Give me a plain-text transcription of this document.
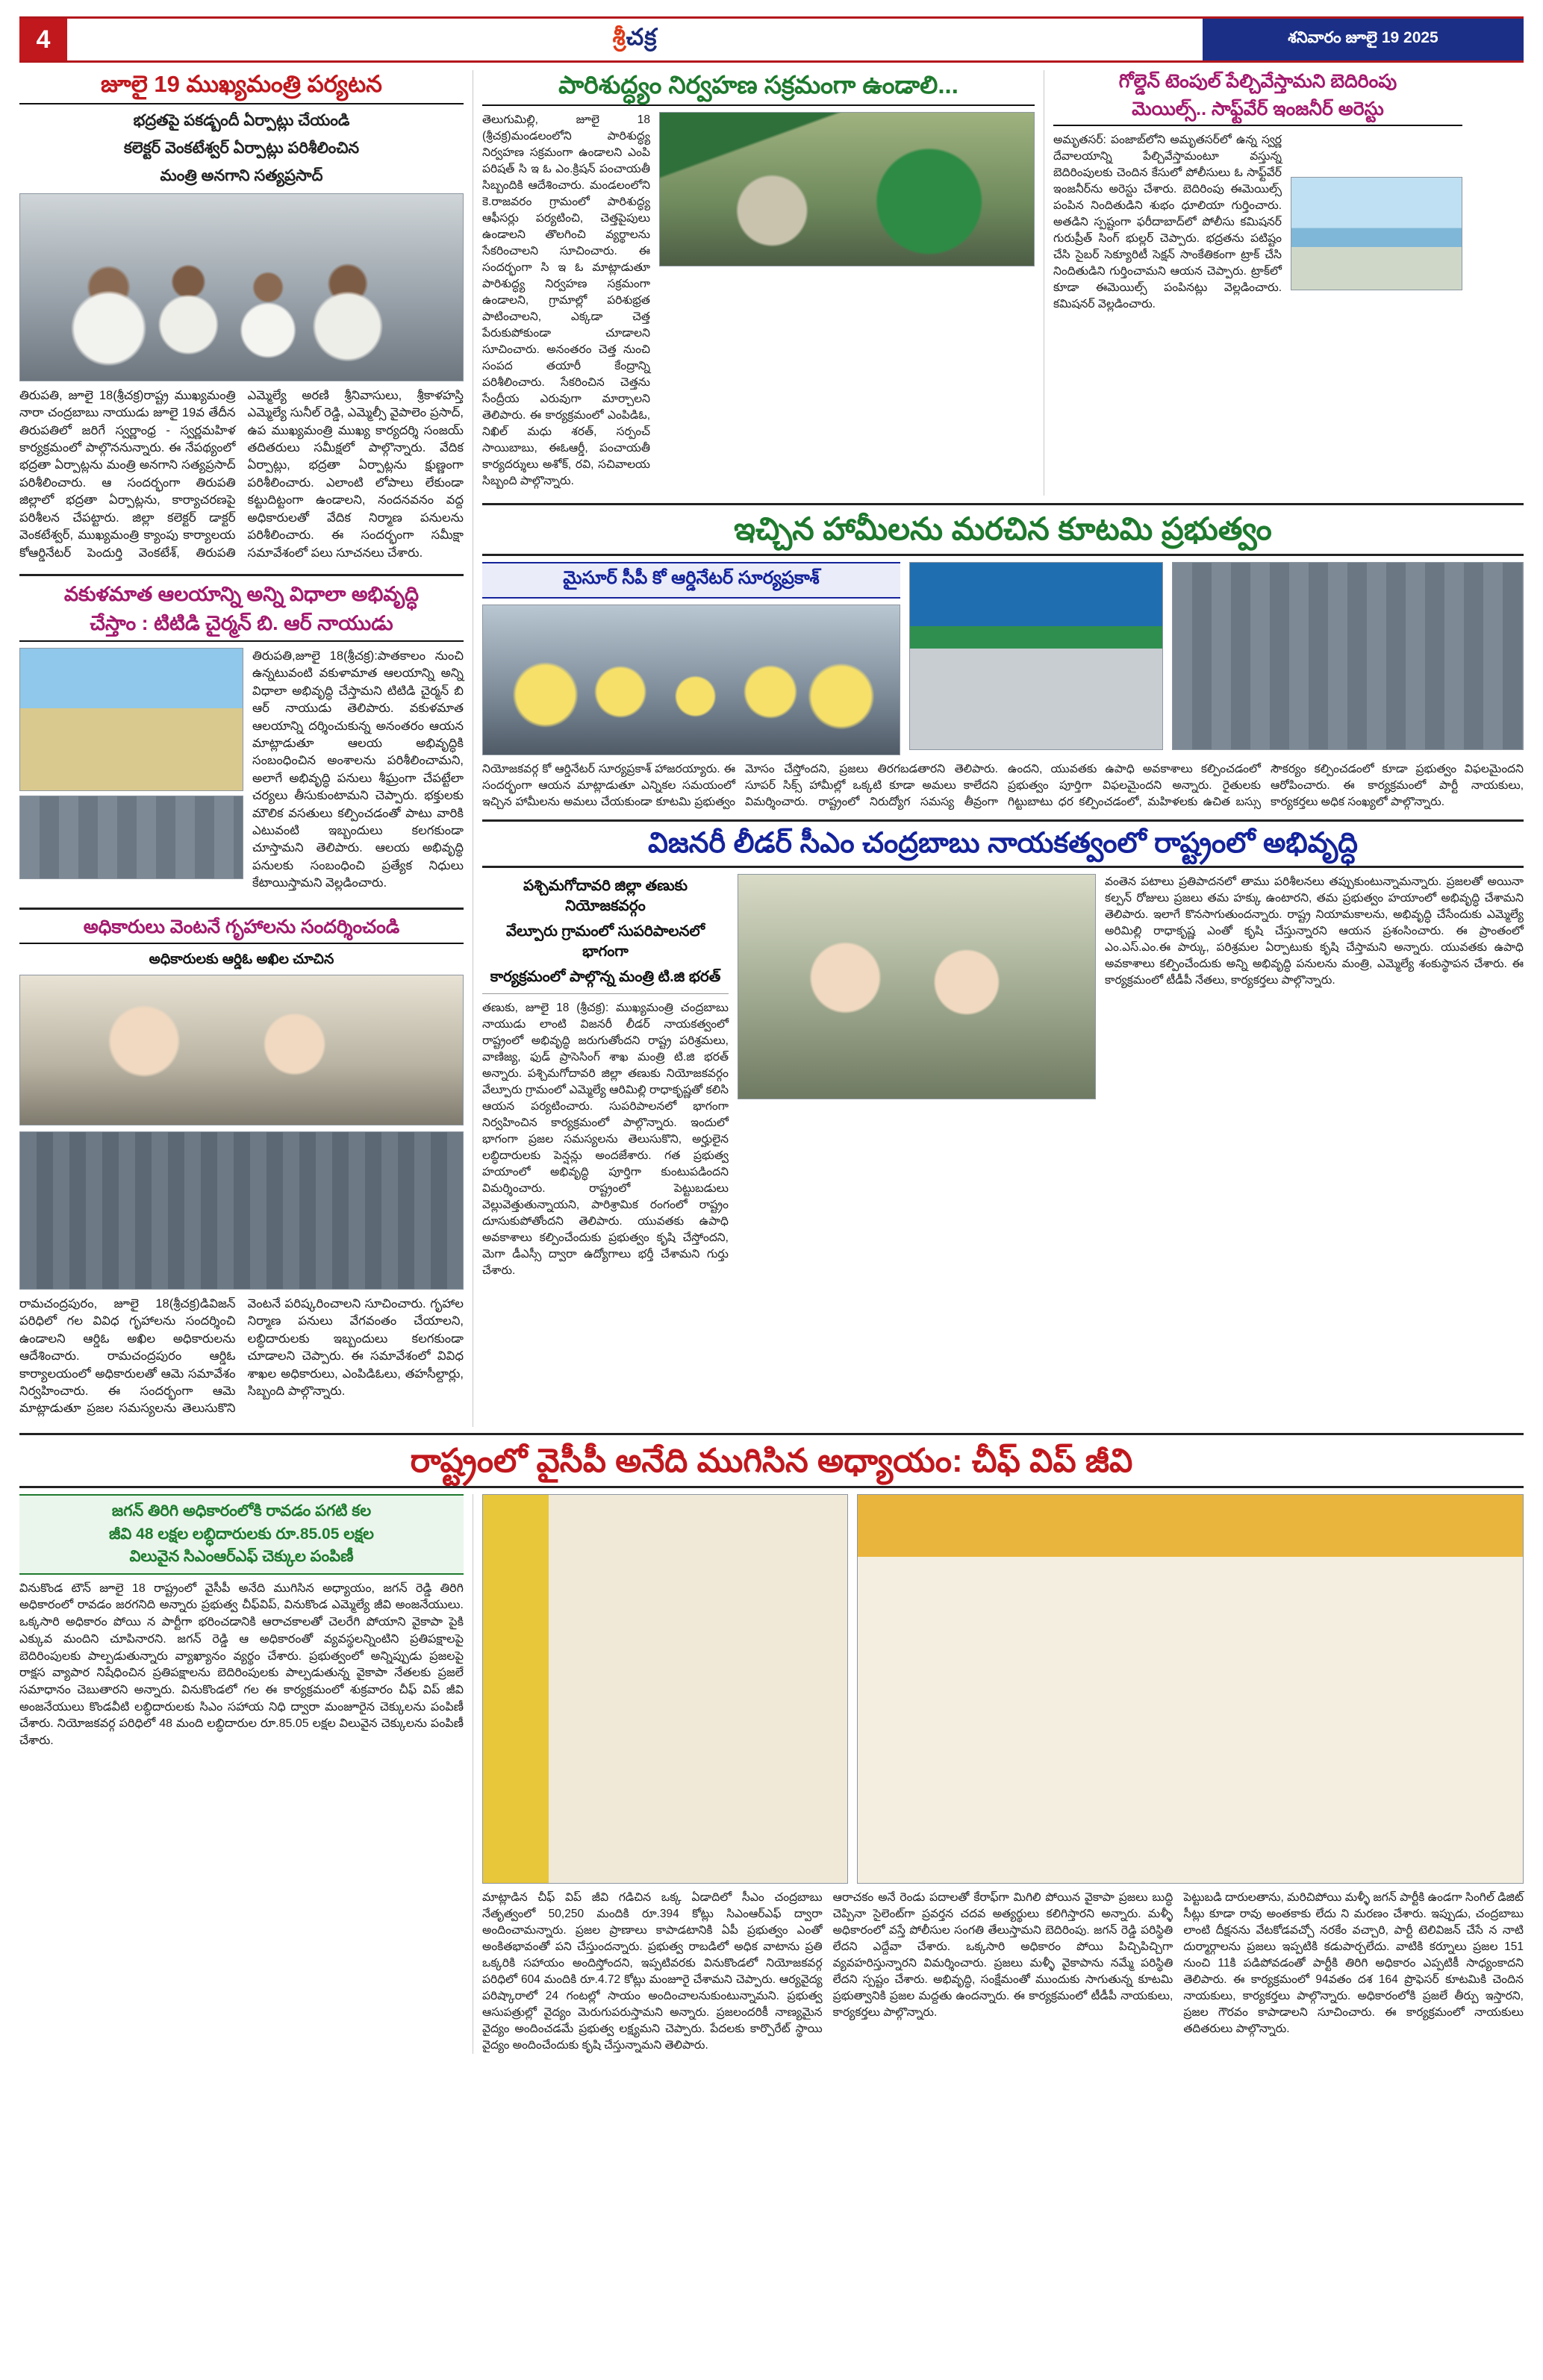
4	శ్రీచక్ర	శనివారం జూలై 19 2025
జూలై 19 ముఖ్యమంత్రి పర్యటన
భద్రతపై పకడ్బందీ ఏర్పాట్లు చేయండి
కలెక్టర్ వెంకటేశ్వర్ ఏర్పాట్లు పరిశీలించిన
మంత్రి అనగాని సత్యప్రసాద్

తిరుపతి, జూలై 18(శ్రీచక్ర)రాష్ట్ర ముఖ్యమంత్రి నారా చంద్రబాబు నాయుడు జూలై 19వ తేదీన తిరుపతిలో జరిగే స్వర్ణాంధ్ర - స్వర్ణమహిళ కార్యక్రమంలో పాల్గొననున్నారు. ఈ నేపథ్యంలో భద్రతా ఏర్పాట్లను మంత్రి అనగాని సత్యప్రసాద్ పరిశీలించారు. ఆ సందర్భంగా తిరుపతి జిల్లాలో భద్రతా ఏర్పాట్లను, కార్యాచరణపై పరిశీలన చేపట్టారు. జిల్లా కలెక్టర్ డాక్టర్ వెంకటేశ్వర్, ముఖ్యమంత్రి క్యాంపు కార్యాలయ కోఆర్డినేటర్ పెందుర్తి వెంకటేశ్, తిరుపతి ఎమ్మెల్యే అరణి శ్రీనివాసులు, శ్రీకాళహస్తి ఎమ్మెల్యే సునీల్ రెడ్డి, ఎమ్మెల్సీ వైపాలెం ప్రసాద్, ఉప ముఖ్యమంత్రి ముఖ్య కార్యదర్శి సంజయ్ తదితరులు సమీక్షలో పాల్గొన్నారు. వేదిక ఏర్పాట్లు, భద్రతా ఏర్పాట్లను క్షుణ్ణంగా పరిశీలించారు. ఎలాంటి లోపాలు లేకుండా కట్టుదిట్టంగా ఉండాలని, నందనవనం వద్ద అధికారులతో వేదిక నిర్మాణ పనులను పరిశీలించారు. ఈ సందర్భంగా సమీక్షా సమావేశంలో పలు సూచనలు చేశారు.

వకుళమాత ఆలయాన్ని అన్ని విధాలా అభివృద్ధి
చేస్తాం : టిటిడి చైర్మన్ బి. ఆర్ నాయుడు

తిరుపతి,జూలై 18(శ్రీచక్ర):పాతకాలం నుంచి ఉన్నటువంటి వకుళామాత ఆలయాన్ని అన్ని విధాలా అభివృద్ధి చేస్తామని టిటిడి చైర్మన్ బి ఆర్ నాయుడు తెలిపారు. వకుళమాత ఆలయాన్ని దర్శించుకున్న అనంతరం ఆయన మాట్లాడుతూ ఆలయ అభివృద్ధికి సంబంధించిన అంశాలను పరిశీలించామని, అలాగే అభివృద్ధి పనులు శీఘ్రంగా చేపట్టేలా చర్యలు తీసుకుంటామని చెప్పారు. భక్తులకు మౌలిక వసతులు కల్పించడంతో పాటు వారికి ఎటువంటి ఇబ్బందులు కలగకుండా చూస్తామని తెలిపారు. ఆలయ అభివృద్ధి పనులకు సంబంధించి ప్రత్యేక నిధులు కేటాయిస్తామని వెల్లడించారు.

అధికారులు వెంటనే గృహాలను సందర్శించండి
అధికారులకు ఆర్డిఓ అఖిల చూచిన

రామచంద్రపురం, జూలై 18(శ్రీచక్ర)డివిజన్ పరిధిలో గల వివిధ గృహాలను సందర్శించి ఉండాలని ఆర్డిఓ అఖిల అధికారులను ఆదేశించారు. రామచంద్రపురం ఆర్డిఓ కార్యాలయంలో అధికారులతో ఆమె సమావేశం నిర్వహించారు. ఈ సందర్భంగా ఆమె మాట్లాడుతూ ప్రజల సమస్యలను తెలుసుకొని వెంటనే పరిష్కరించాలని సూచించారు. గృహాల నిర్మాణ పనులు వేగవంతం చేయాలని, లబ్ధిదారులకు ఇబ్బందులు కలగకుండా చూడాలని చెప్పారు. ఈ సమావేశంలో వివిధ శాఖల అధికారులు, ఎంపిడిఓలు, తహసీల్దార్లు, సిబ్బంది పాల్గొన్నారు.

పారిశుద్ధ్యం నిర్వహణ సక్రమంగా ఉండాలి...

తెలుగుమిల్లి, జూలై 18 (శ్రీచక్ర)మండలంలోని పారిశుద్ధ్య నిర్వహణ సక్రమంగా ఉండాలని ఎంపి పరిషత్ సి ఇ ఓ ఎం.క్రిషన్ పంచాయతీ సిబ్బందికి ఆదేశించారు. మండలంలోని కె.రాజవరం గ్రామంలో పారిశుద్ధ్య ఆఫీసర్లు పర్యటించి, చెత్తపైపులు ఉండాలని తొలగించి వ్యర్థాలను సేకరించాలని సూచించారు. ఈ సందర్భంగా సి ఇ ఓ మాట్లాడుతూ పారిశుద్ధ్య నిర్వహణ సక్రమంగా ఉండాలని, గ్రామాల్లో పరిశుభ్రత పాటించాలని, ఎక్కడా చెత్త పేరుకుపోకుండా చూడాలని సూచించారు. అనంతరం చెత్త నుంచి సంపద తయారీ కేంద్రాన్ని పరిశీలించారు. సేకరించిన చెత్తను సేంద్రీయ ఎరువుగా మార్చాలని తెలిపారు. ఈ కార్యక్రమంలో ఎంపిడిఓ, నిఖిల్ మధు శరత్, సర్పంచ్ సాయిబాబు, ఈఓఆర్డీ, పంచాయతీ కార్యదర్శులు అశోక్, రవి, సచివాలయ సిబ్బంది పాల్గొన్నారు.

గోల్డెన్ టెంపుల్ పేల్చివేస్తామని బెదిరింపు
మెయిల్స్.. సాఫ్ట్‌వేర్ ఇంజనీర్ అరెస్టు

అమృతసర్: పంజాబ్‌లోని అమృతసర్‌లో ఉన్న స్వర్ణ దేవాలయాన్ని పేల్చివేస్తామంటూ వస్తున్న బెదిరింపులకు చెందిన కేసులో పోలీసులు ఓ సాఫ్ట్‌వేర్ ఇంజనీర్‌ను అరెస్టు చేశారు. బెదిరింపు ఈమెయిల్స్ పంపిన నిందితుడిని శుభం ధూలియా గుర్తించారు. అతడిని స్పష్టంగా ఫరీదాబాద్‌లో పోలీసు కమిషనర్ గురుప్రీత్ సింగ్ భుల్లర్ చెప్పారు. భద్రతను పటిష్టం చేసి సైబర్ సెక్యూరిటీ సెక్షన్ సాంకేతికంగా ట్రాక్ చేసి నిందితుడిని గుర్తించామని ఆయన చెప్పారు. ట్రాక్‌లో కూడా ఈమెయిల్స్ పంపినట్లు వెల్లడించారు. కమిషనర్ వెల్లడించారు.

ఇచ్చిన హామీలను మరచిన కూటమి ప్రభుత్వం

మైసూర్ సీపీ కో ఆర్డినేటర్ సూర్యప్రకాశ్

నియోజకవర్గ కో ఆర్డినేటర్ సూర్యప్రకాశ్ హాజరయ్యారు. ఈ సందర్భంగా ఆయన మాట్లాడుతూ ఎన్నికల సమయంలో ఇచ్చిన హామీలను అమలు చేయకుండా కూటమి ప్రభుత్వం మోసం చేస్తోందని, ప్రజలు తిరగబడతారని తెలిపారు. సూపర్ సిక్స్ హామీల్లో ఒక్కటి కూడా అమలు కాలేదని విమర్శించారు. రాష్ట్రంలో నిరుద్యోగ సమస్య తీవ్రంగా ఉందని, యువతకు ఉపాధి అవకాశాలు కల్పించడంలో ప్రభుత్వం పూర్తిగా విఫలమైందని అన్నారు. రైతులకు గిట్టుబాటు ధర కల్పించడంలో, మహిళలకు ఉచిత బస్సు సౌకర్యం కల్పించడంలో కూడా ప్రభుత్వం విఫలమైందని ఆరోపించారు. ఈ కార్యక్రమంలో పార్టీ నాయకులు, కార్యకర్తలు అధిక సంఖ్యలో పాల్గొన్నారు.

విజనరీ లీడర్ సీఎం చంద్రబాబు నాయకత్వంలో రాష్ట్రంలో అభివృద్ధి

పశ్చిమగోదావరి జిల్లా తణుకు నియోజకవర్గం
వేల్పూరు గ్రామంలో సుపరిపాలనలో భాగంగా
కార్యక్రమంలో పాల్గొన్న మంత్రి టి.జి భరత్

తణుకు, జూలై 18 (శ్రీచక్ర): ముఖ్యమంత్రి చంద్రబాబు నాయుడు లాంటి విజనరీ లీడర్ నాయకత్వంలో రాష్ట్రంలో అభివృద్ధి జరుగుతోందని రాష్ట్ర పరిశ్రమలు, వాణిజ్య, ఫుడ్ ప్రాసెసింగ్ శాఖ మంత్రి టి.జి భరత్ అన్నారు. పశ్చిమగోదావరి జిల్లా తణుకు నియోజకవర్గం వేల్పూరు గ్రామంలో ఎమ్మెల్యే ఆరిమిల్లి రాధాకృష్ణతో కలిసి ఆయన పర్యటించారు. సుపరిపాలనలో భాగంగా నిర్వహించిన కార్యక్రమంలో పాల్గొన్నారు. ఇందులో భాగంగా ప్రజల సమస్యలను తెలుసుకొని, అర్హులైన లబ్ధిదారులకు పెన్షన్లు అందజేశారు. గత ప్రభుత్వ హయాంలో అభివృద్ధి పూర్తిగా కుంటుపడిందని విమర్శించారు. రాష్ట్రంలో పెట్టుబడులు వెల్లువెత్తుతున్నాయని, పారిశ్రామిక రంగంలో రాష్ట్రం దూసుకుపోతోందని తెలిపారు. యువతకు ఉపాధి అవకాశాలు కల్పించేందుకు ప్రభుత్వం కృషి చేస్తోందని, మెగా డీఎస్సీ ద్వారా ఉద్యోగాలు భర్తీ చేశామని గుర్తు చేశారు.

వంతెన పటాలు ప్రతిపాదనలో తాము పరిశీలనలు తప్పుకుంటున్నామన్నారు. ప్రజలతో అయినా కల్పన్ రోజులు ప్రజలు తమ హక్కు ఉంటారని, తమ ప్రభుత్వం హయాంలో అభివృద్ధి చేశామని తెలిపారు. ఇలాగే కొనసాగుతుందన్నారు. రాష్ట్ర నియామకాలను, అభివృద్ధి చేసేందుకు ఎమ్మెల్యే అరిమిల్లి రాధాకృష్ణ ఎంతో కృషి చేస్తున్నారని ఆయన ప్రశంసించారు. ఈ ప్రాంతంలో ఎం.ఎస్.ఎం.ఈ పార్కు, పరిశ్రమల ఏర్పాటుకు కృషి చేస్తామని అన్నారు. యువతకు ఉపాధి అవకాశాలు కల్పించేందుకు అన్ని అభివృద్ధి పనులను మంత్రి, ఎమ్మెల్యే శంకుస్థాపన చేశారు. ఈ కార్యక్రమంలో టీడీపీ నేతలు, కార్యకర్తలు పాల్గొన్నారు.

రాష్ట్రంలో వైసీపీ అనేది ముగిసిన అధ్యాయం: చీఫ్ విప్ జీవి

జగన్ తిరిగి అధికారంలోకి రావడం పగటి కల
జీవి 48 లక్షల లబ్ధిదారులకు రూ.85.05 లక్షల
విలువైన సిఎంఆర్ఎఫ్ చెక్కుల పంపిణీ

వినుకొండ టౌన్ జూలై 18 రాష్ట్రంలో వైసీపీ అనేది ముగిసిన అధ్యాయం, జగన్ రెడ్డి తిరిగి అధికారంలో రావడం జరగనిది అన్నారు ప్రభుత్వ చీఫ్‌విప్, వినుకొండ ఎమ్మెల్యే జీవి అంజనేయులు. ఒక్కసారి అధికారం పోయి న పార్టీగా భరించడానికి ఆరాచకాలతో చెలరేగి పోయాని వైకాపా పైకి ఎక్కువ మందిని చూపినారని. జగన్ రెడ్డి ఆ అధికారంతో వ్యవస్థలన్నింటిని ప్రతిపక్షాలపై బెదిరింపులకు పాల్పడుతున్నారు వ్యాఖ్యానం వ్యర్థం చేశారు. ప్రభుత్వంలో అన్నిప్పుడు ప్రజలపై రాక్షస వ్యాపార నిషేధించిన ప్రతిపక్షాలను బెదిరింపులకు పాల్పడుతున్న వైకాపా నేతలకు ప్రజలే సమాధానం చెబుతారని అన్నారు. వినుకొండలో గల ఈ కార్యక్రమంలో శుక్రవారం చీఫ్ విప్ జీవి అంజనేయులు కొండవీటి లబ్ధిదారులకు సిఎం సహాయ నిధి ద్వారా మంజూరైన చెక్కులను పంపిణీ చేశారు. నియోజకవర్గ పరిధిలో 48 మంది లబ్ధిదారుల రూ.85.05 లక్షల విలువైన చెక్కులను పంపిణీ చేశారు.

మాట్లాడిన చీఫ్ విప్ జీవి గడిచిన ఒక్క ఏడాదిలో సీఎం చంద్రబాబు నేతృత్వంలో 50,250 మందికి రూ.394 కోట్లు సిఎంఆర్ఎఫ్ ద్వారా అందించామన్నారు. ప్రజల ప్రాణాలు కాపాడటానికి ఏపీ ప్రభుత్వం ఎంతో అంకితభావంతో పని చేస్తుందన్నారు. ప్రభుత్వ రాబడిలో అధిక వాటాను ప్రతి ఒక్కరికి సహాయం అందిస్తోందని, ఇప్పటివరకు వినుకొండలో నియోజకవర్గ పరిధిలో 604 మందికి రూ.4.72 కోట్లు మంజూరై చేశామని చెప్పారు. ఆర్యవైద్య పరిష్కారాలో 24 గంటల్లో సాయం అందించాలనుకుంటున్నామని. ప్రభుత్వ ఆసుపత్రుల్లో వైద్యం మెరుగుపరుస్తామని అన్నారు. ప్రజలందరికీ నాణ్యమైన వైద్యం అందించడమే ప్రభుత్వ లక్ష్యమని చెప్పారు. పేదలకు కార్పొరేట్ స్థాయి వైద్యం అందించేందుకు కృషి చేస్తున్నామని తెలిపారు.

ఆరాచకం అనే రెండు పదాలతో కేరాఫ్‌గా మిగిలి పోయిన వైకాపా ప్రజలు బుద్ధి చెప్పినా సైలెంట్‌గా ప్రవర్తన చదవ అత్యర్థులు కలిగిస్తారని అన్నారు. మళ్ళీ అధికారంలో వస్తే పోలీసుల సంగతి తేలుస్తామని బెదిరింపు. జగన్ రెడ్డి పరిస్థితి లేదని ఎద్దేవా చేశారు. ఒక్కసారి అధికారం పోయి పిచ్చిపిచ్చిగా వ్యవహరిస్తున్నారని విమర్శించారు. ప్రజలు మళ్ళీ వైకాపాను నమ్మే పరిస్థితి లేదని స్పష్టం చేశారు. అభివృద్ధి, సంక్షేమంతో ముందుకు సాగుతున్న కూటమి ప్రభుత్వానికి ప్రజల మద్దతు ఉందన్నారు. ఈ కార్యక్రమంలో టీడీపీ నాయకులు, కార్యకర్తలు పాల్గొన్నారు.

పెట్టుబడి దారులతాను, మరిచిపోయి మళ్ళీ జగన్ పార్టీకి ఉండగా సింగిల్ డిజిట్ సీట్లు కూడా రావు అంతకాకు లేదు ని మరణం చేశారు. ఇప్పుడు, చంద్రబాబు లాంటి దీక్షనను వేటకోడవచ్చో నరకేం వచ్చారి, పార్టీ టెలివిజన్ చేసే న నాటి దుర్మార్గాలను ప్రజలు ఇప్పటికి కడుపార్చలేదు. వాటికి కర్నూలు ప్రజల 151 నుంచి 11కి పడిపోవడంతో పార్టీకి తిరిగి అధికారం ఎప్పటికీ సాధ్యంకాదని తెలిపారు. ఈ కార్యక్రమంలో 94వతం దశ 164 ప్రొఫెసర్ కూటమికి చెందిన నాయకులు, కార్యకర్తలు పాల్గొన్నారు. అధికారంలోకి ప్రజలే తీర్పు ఇస్తారని, ప్రజల గౌరవం కాపాడాలని సూచించారు. ఈ కార్యక్రమంలో నాయకులు తదితరులు పాల్గొన్నారు.
